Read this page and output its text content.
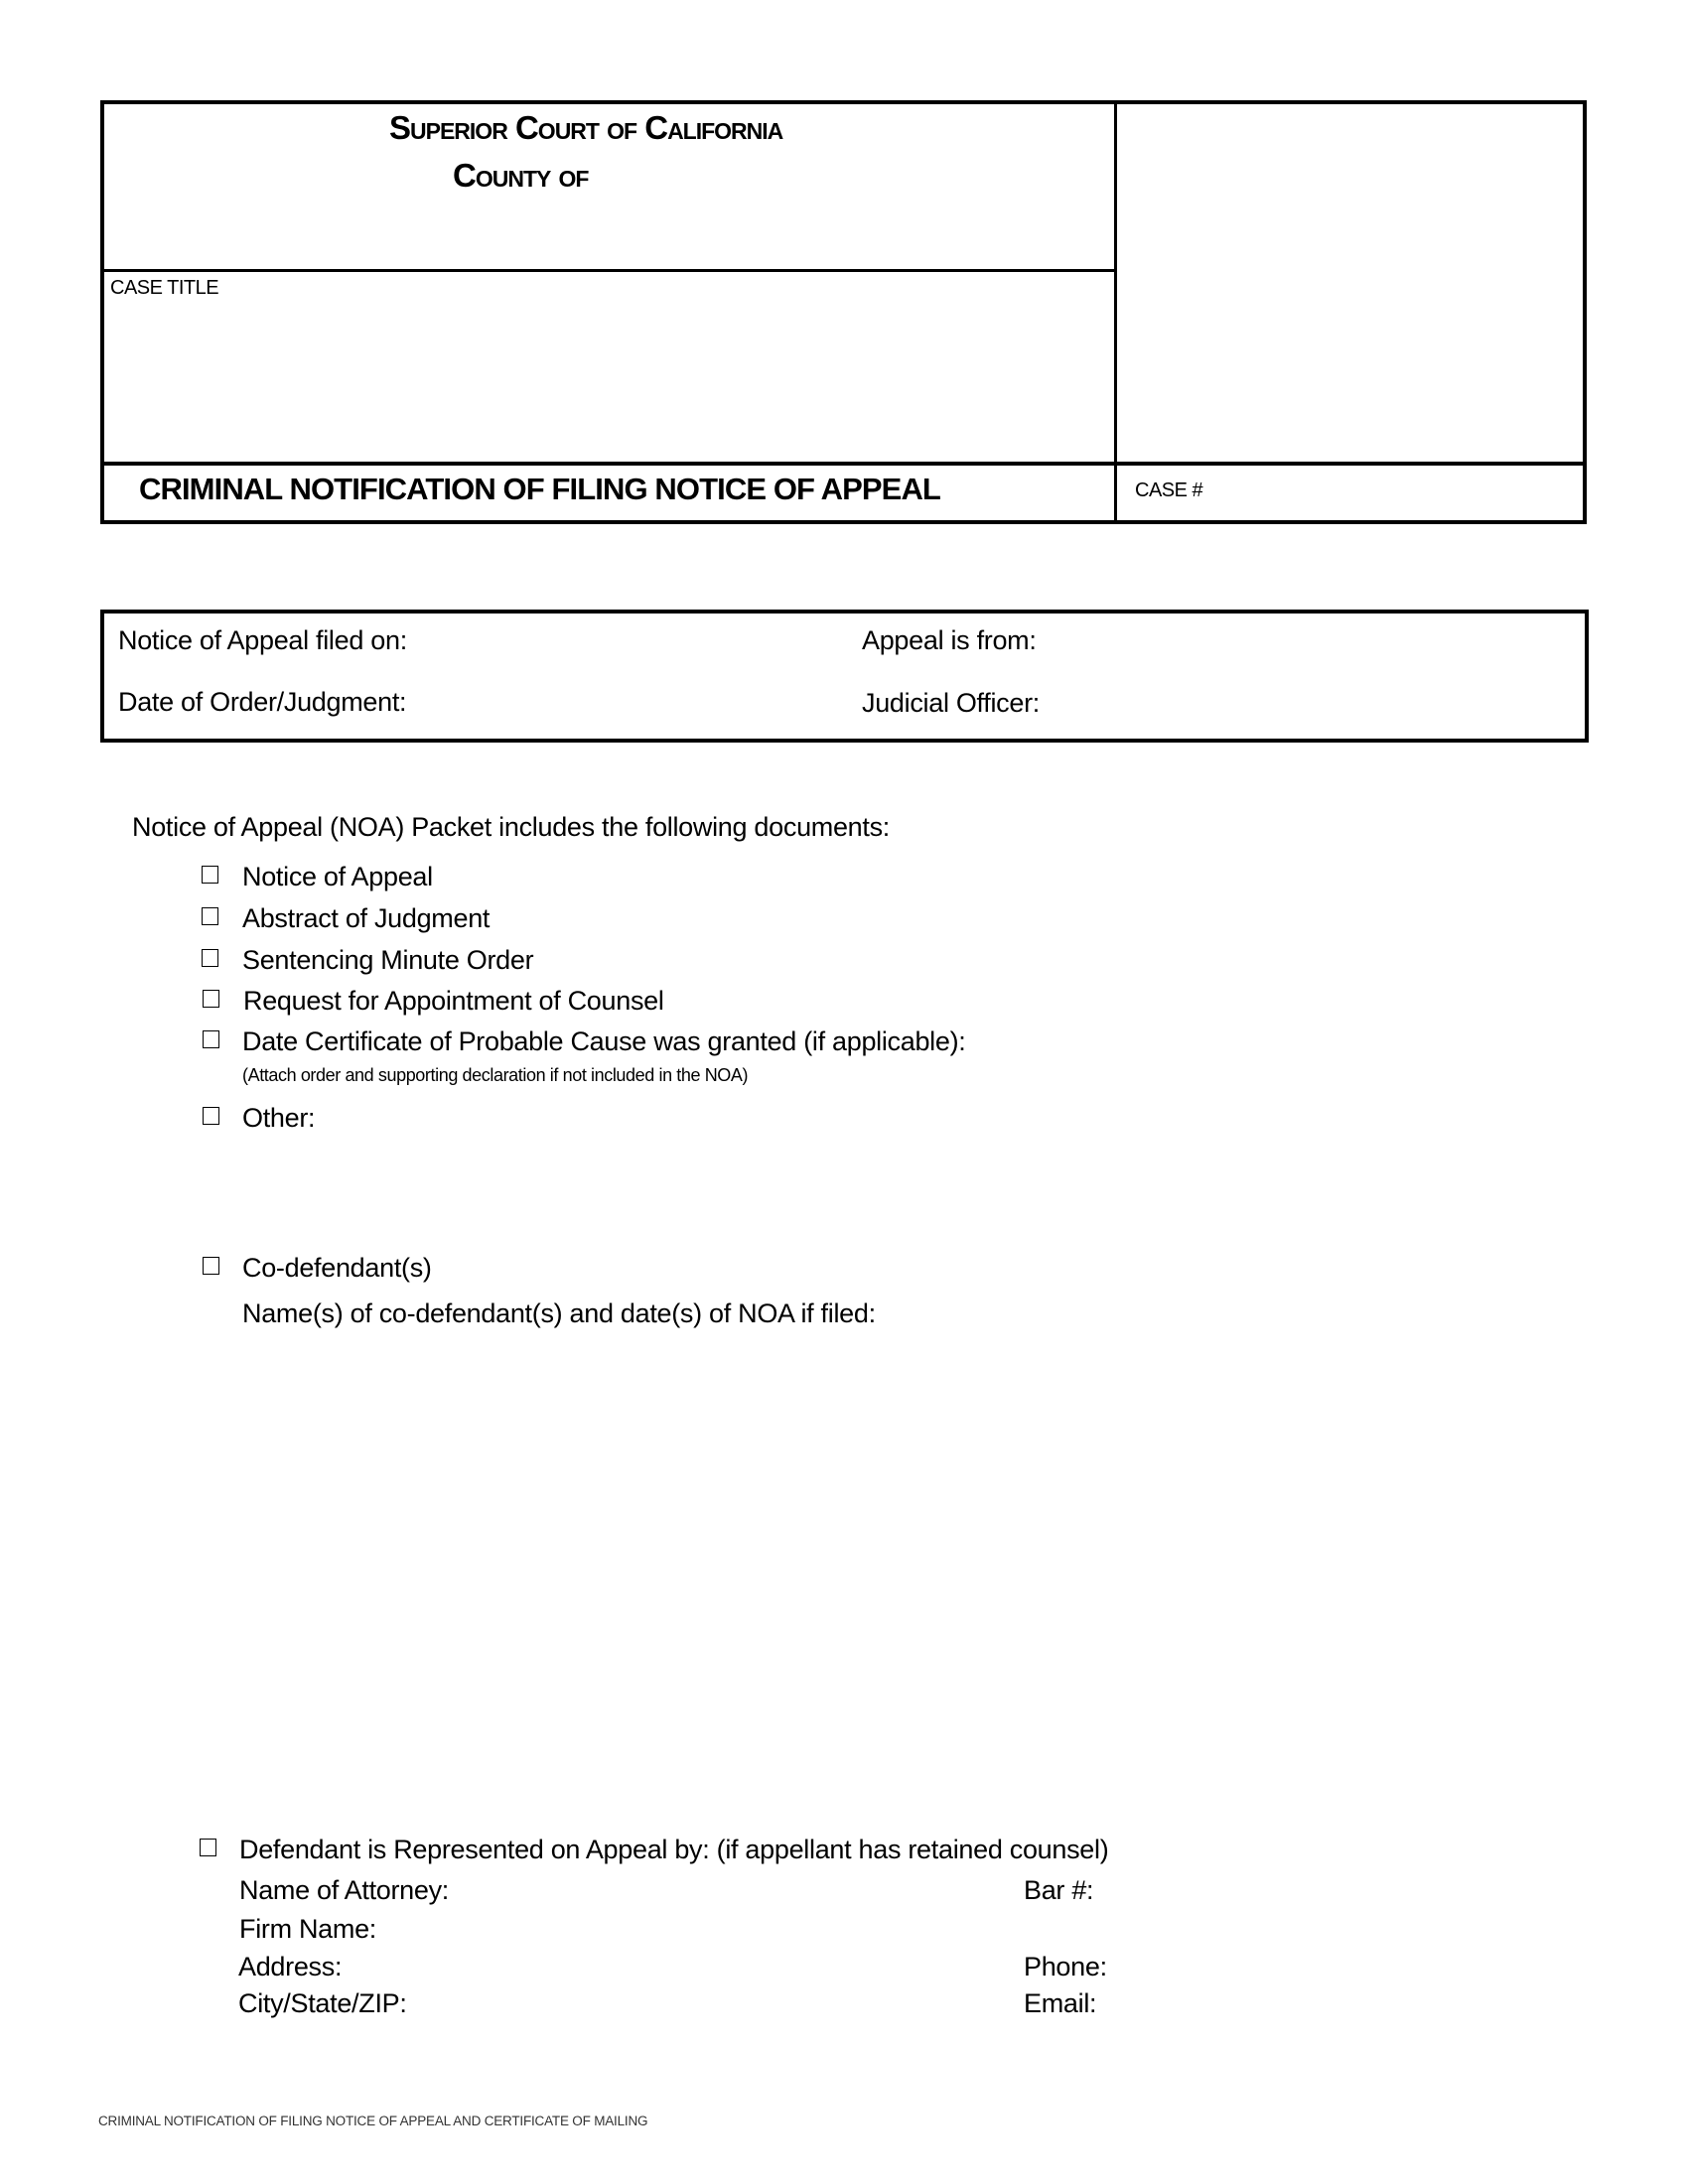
Superior Court of California
County of
CASE TITLE
CRIMINAL NOTIFICATION OF FILING NOTICE OF APPEAL	CASE #
Notice of Appeal filed on:
Date of Order/Judgment:
Appeal is from:
Judicial Officer:
Notice of Appeal (NOA) Packet includes the following documents:
Notice of Appeal
Abstract of Judgment
Sentencing Minute Order
Request for Appointment of Counsel
Date Certificate of Probable Cause was granted (if applicable):
(Attach order and supporting declaration if not included in the NOA)
Other:
Co-defendant(s)
Name(s) of co-defendant(s) and date(s) of NOA if filed:
Defendant is Represented on Appeal by: (if appellant has retained counsel)
Name of Attorney:
Firm Name:
Address:
City/State/ZIP:
Bar #:
Phone:
Email:
CRIMINAL NOTIFICATION OF FILING NOTICE OF APPEAL AND CERTIFICATE OF MAILING
